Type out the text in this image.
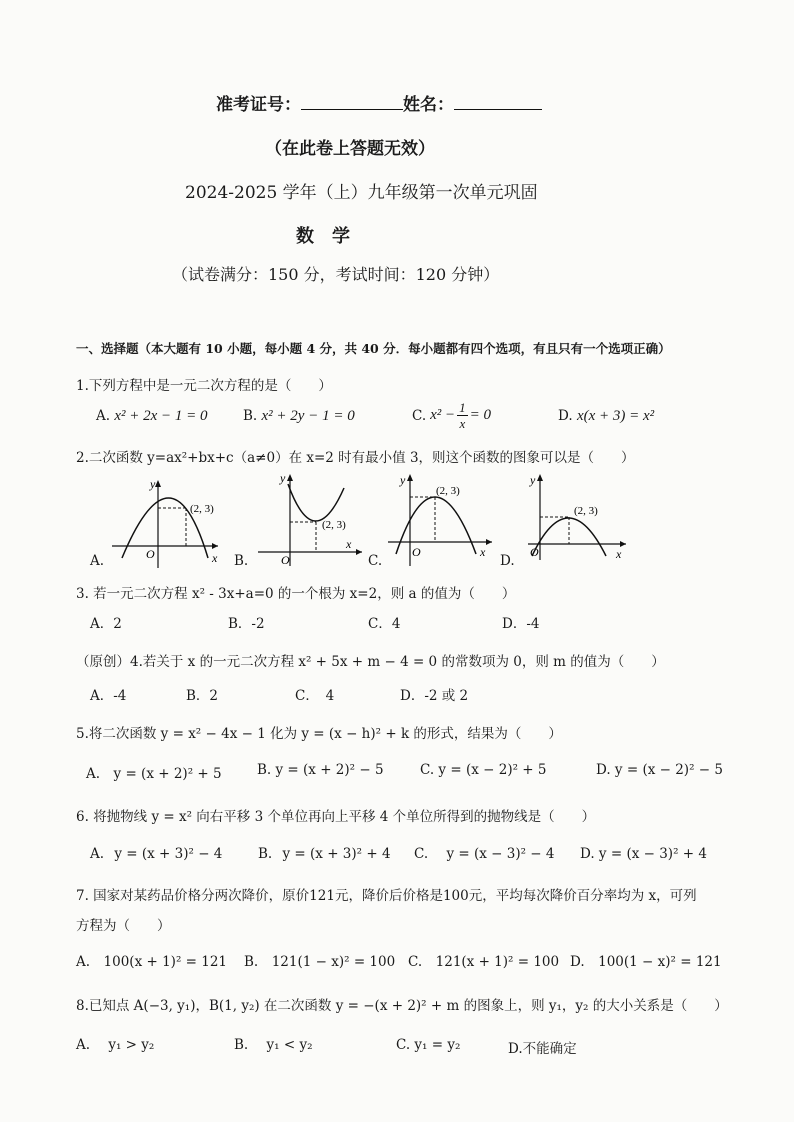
准考证号：	姓名：
（在此卷上答题无效）
2024-2025 学年（上）九年级第一次单元巩固
数　学
（试卷满分：150 分，考试时间：120 分钟）
一、选择题（本大题有 10 小题，每小题 4 分，共 40 分．每小题都有四个选项，有且只有一个选项正确）
1.下列方程中是一元二次方程的是（　　）
A. x² + 2x − 1 = 0	B. x² + 2y − 1 = 0	C. $x^2 - \frac{1}{x} = 0$	D. x(x + 3) = x²
2.二次函数 y=ax²+bx+c（a≠0）在 x=2 时有最小值 3，则这个函数的图象可以是（　　）
y
x
O
(2, 3)
A.
y
x
O
(2, 3)
B.
y
x
O
(2, 3)
C.
y
x
O
(2, 3)
D.
3. 若一元二次方程 x² - 3x+a=0 的一个根为 x=2，则 a 的值为（　　）
A．2	B．-2	C．4	D．-4
（原创）4.若关于 x 的一元二次方程 x² + 5x + m − 4 = 0 的常数项为 0，则 m 的值为（　　）
A．-4	B．2	C．　4	D．-2 或 2
5.将二次函数 y = x² − 4x − 1 化为 y = (x − h)² + k 的形式，结果为（　　）
A.　y = (x + 2)² + 5	B. y = (x + 2)² − 5	C. y = (x − 2)² + 5	D. y = (x − 2)² − 5
6. 将抛物线 y = x² 向右平移 3 个单位再向上平移 4 个单位所得到的抛物线是（　　）
A. y = (x + 3)² − 4	B. y = (x + 3)² + 4 C. y = (x − 3)² − 4 D. y = (x − 3)² + 4
7. 国家对某药品价格分两次降价，原价121元，降价后价格是100元，平均每次降价百分率均为 x，可列
方程为（　　）
A.　100(x + 1)² = 121 B.　121(1 − x)² = 100 C.　121(x + 1)² = 100 D.　100(1 − x)² = 121
8.已知点 A(−3, y₁)，B(1, y₂) 在二次函数 y = −(x + 2)² + m 的图象上，则 y₁，y₂ 的大小关系是（　　）
A. y₁ > y₂	B. y₁ < y₂	C. y₁ = y₂	D.不能确定
